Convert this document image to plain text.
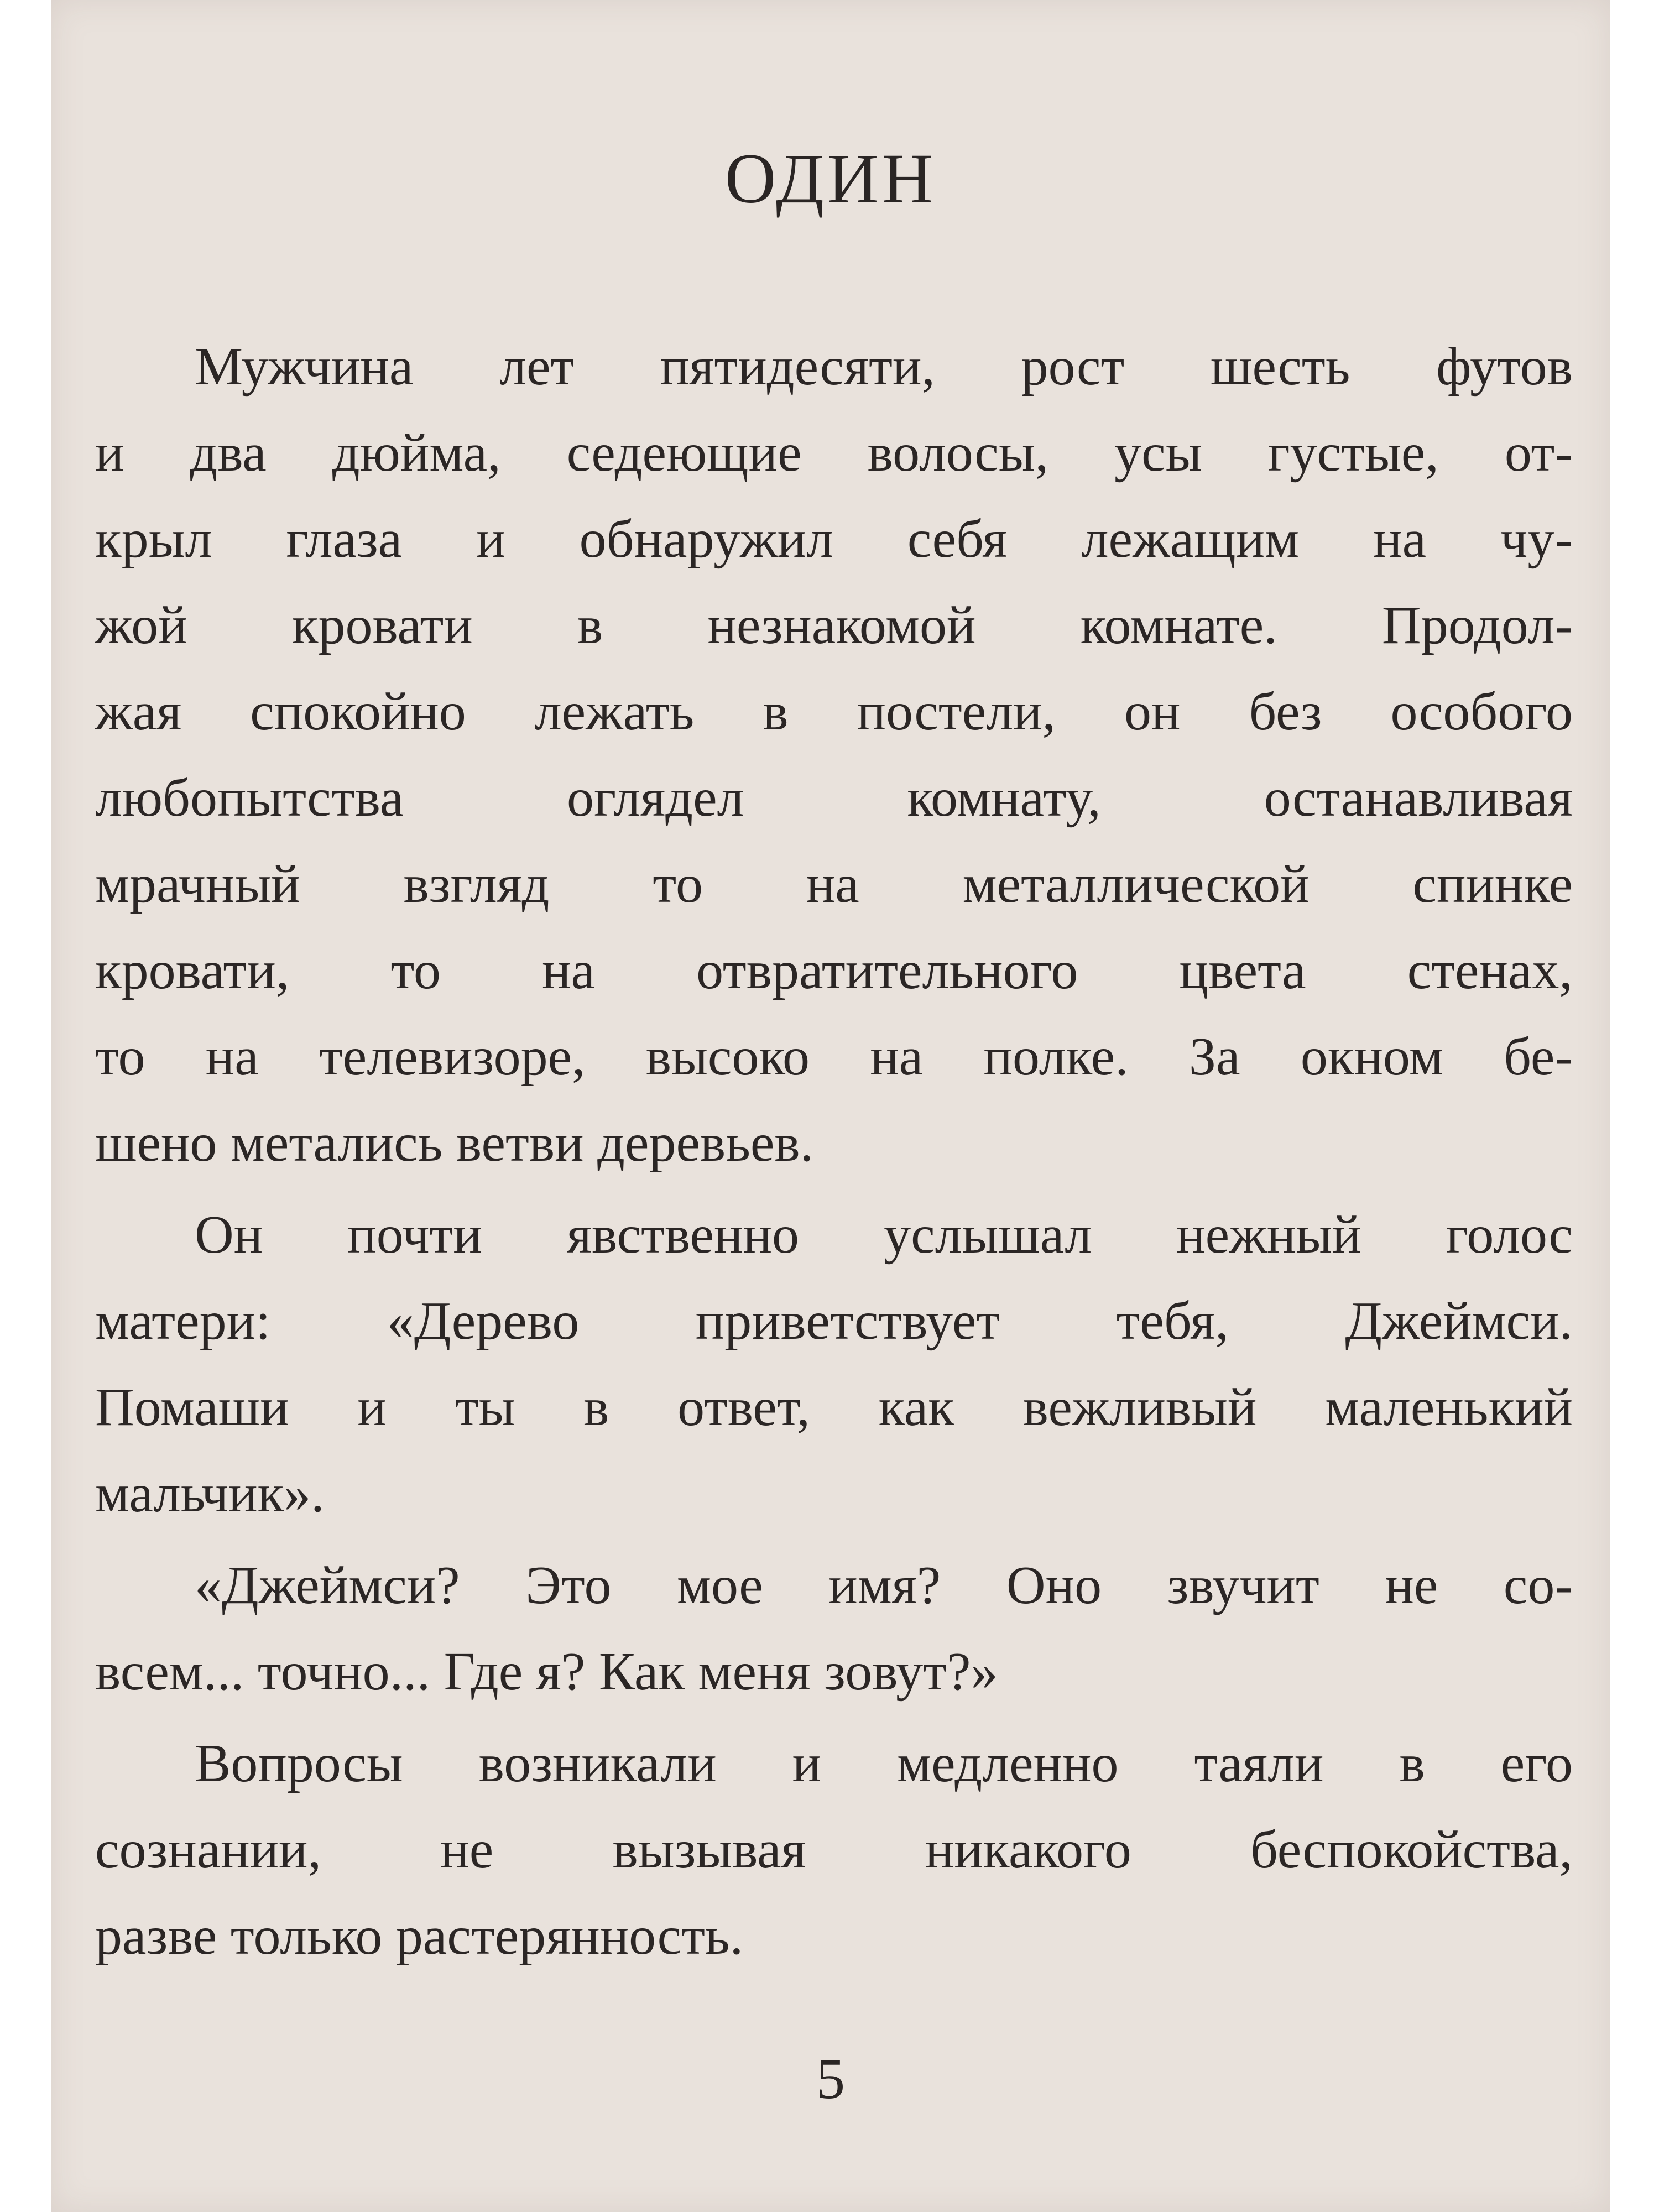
ОДИН

Мужчина лет пятидесяти, рост шесть футов
и два дюйма, седеющие волосы, усы густые, от-
крыл глаза и обнаружил себя лежащим на чу-
жой кровати в незнакомой комнате. Продол-
жая спокойно лежать в постели, он без особого
любопытства оглядел комнату, останавливая
мрачный взгляд то на металлической спинке
кровати, то на отвратительного цвета стенах,
то на телевизоре, высоко на полке. За окном бе-
шено метались ветви деревьев.

Он почти явственно услышал нежный голос
матери: «Дерево приветствует тебя, Джеймси.
Помаши и ты в ответ, как вежливый маленький
мальчик».

«Джеймси? Это мое имя? Оно звучит не со-
всем... точно... Где я? Как меня зовут?»

Вопросы возникали и медленно таяли в его
сознании, не вызывая никакого беспокойства,
разве только растерянность.

5
